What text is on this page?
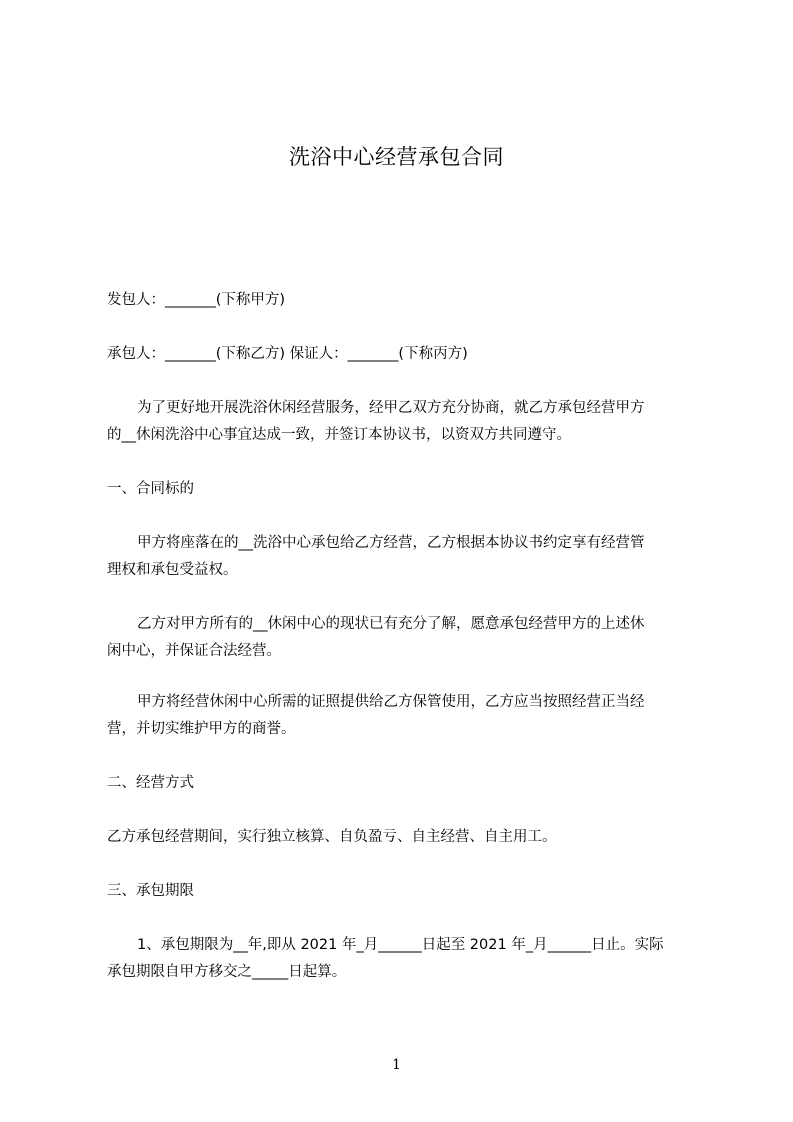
洗浴中心经营承包合同
发包人：_______(下称甲方)
承包人：_______(下称乙方) 保证人：_______(下称丙方)
为了更好地开展洗浴休闲经营服务，经甲乙双方充分协商，就乙方承包经营甲方
的__休闲洗浴中心事宜达成一致，并签订本协议书，以资双方共同遵守。
一、合同标的
甲方将座落在的__洗浴中心承包给乙方经营，乙方根据本协议书约定享有经营管
理权和承包受益权。
乙方对甲方所有的__休闲中心的现状已有充分了解，愿意承包经营甲方的上述休
闲中心，并保证合法经营。
甲方将经营休闲中心所需的证照提供给乙方保管使用，乙方应当按照经营正当经
营，并切实维护甲方的商誉。
二、经营方式
乙方承包经营期间，实行独立核算、自负盈亏、自主经营、自主用工。
三、承包期限
1、承包期限为__年,即从 2021 年_月______日起至 2021 年_月______日止。实际
承包期限自甲方移交之_____日起算。
1
